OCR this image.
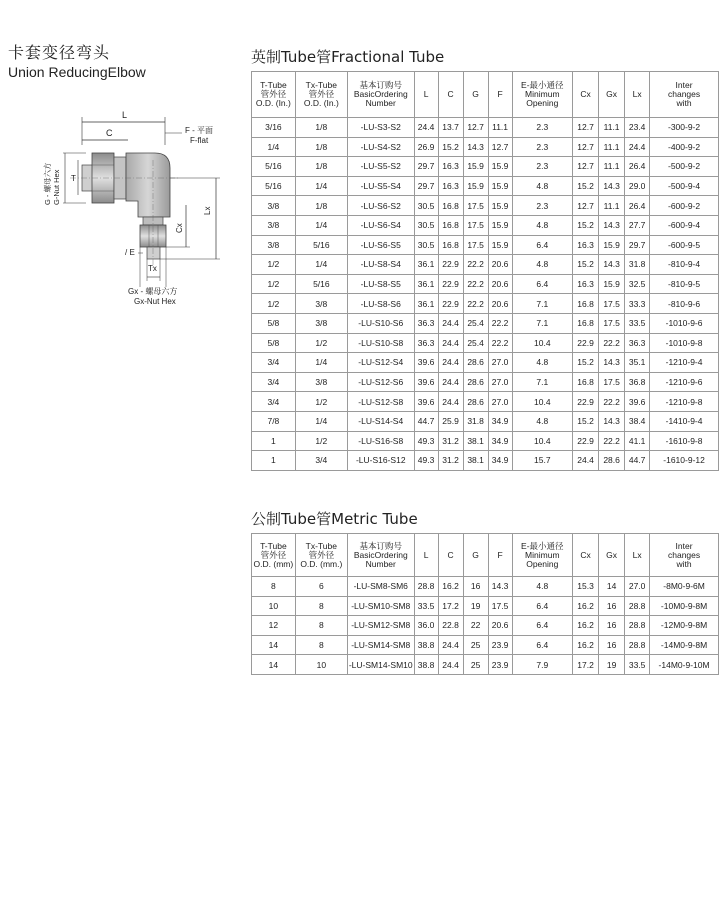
卡套变径弯头
Union ReducingElbow
L
C	F - 平面
F-flat
G - 螺母六方 G-Nut Hex T
Lx
Cx
/ E
Tx
Gx - 螺母六方
Gx-Nut Hex
英制Tube管Fractional Tube
T-Tube
管外径
O.D. (In.)	Tx-Tube
管外径
O.D. (In.)	基本订购号
BasicOrdering
Number	L	C	G	F	E-最小通径
Minimum
Opening	Cx	Gx	Lx	Inter
changes
with

3/16	1/8	-LU-S3-S2	24.4	13.7	12.7	11.1	2.3	12.7	11.1	23.4	-300-9-2
1/4	1/8	-LU-S4-S2	26.9	15.2	14.3	12.7	2.3	12.7	11.1	24.4	-400-9-2
5/16	1/8	-LU-S5-S2	29.7	16.3	15.9	15.9	2.3	12.7	11.1	26.4	-500-9-2
5/16	1/4	-LU-S5-S4	29.7	16.3	15.9	15.9	4.8	15.2	14.3	29.0	-500-9-4
3/8	1/8	-LU-S6-S2	30.5	16.8	17.5	15.9	2.3	12.7	11.1	26.4	-600-9-2
3/8	1/4	-LU-S6-S4	30.5	16.8	17.5	15.9	4.8	15.2	14.3	27.7	-600-9-4
3/8	5/16	-LU-S6-S5	30.5	16.8	17.5	15.9	6.4	16.3	15.9	29.7	-600-9-5
1/2	1/4	-LU-S8-S4	36.1	22.9	22.2	20.6	4.8	15.2	14.3	31.8	-810-9-4
1/2	5/16	-LU-S8-S5	36.1	22.9	22.2	20.6	6.4	16.3	15.9	32.5	-810-9-5
1/2	3/8	-LU-S8-S6	36.1	22.9	22.2	20.6	7.1	16.8	17.5	33.3	-810-9-6
5/8	3/8	-LU-S10-S6	36.3	24.4	25.4	22.2	7.1	16.8	17.5	33.5	-1010-9-6
5/8	1/2	-LU-S10-S8	36.3	24.4	25.4	22.2	10.4	22.9	22.2	36.3	-1010-9-8
3/4	1/4	-LU-S12-S4	39.6	24.4	28.6	27.0	4.8	15.2	14.3	35.1	-1210-9-4
3/4	3/8	-LU-S12-S6	39.6	24.4	28.6	27.0	7.1	16.8	17.5	36.8	-1210-9-6
3/4	1/2	-LU-S12-S8	39.6	24.4	28.6	27.0	10.4	22.9	22.2	39.6	-1210-9-8
7/8	1/4	-LU-S14-S4	44.7	25.9	31.8	34.9	4.8	15.2	14.3	38.4	-1410-9-4
1	1/2	-LU-S16-S8	49.3	31.2	38.1	34.9	10.4	22.9	22.2	41.1	-1610-9-8
1	3/4	-LU-S16-S12	49.3	31.2	38.1	34.9	15.7	24.4	28.6	44.7	-1610-9-12
公制Tube管Metric Tube
T-Tube
管外径
O.D. (mm)	Tx-Tube
管外径
O.D. (mm.)	基本订购号
BasicOrdering
Number	L	C	G	F	E-最小通径
Minimum
Opening	Cx	Gx	Lx	Inter
changes
with

8	6	-LU-SM8-SM6	28.8	16.2	16	14.3	4.8	15.3	14	27.0	-8M0-9-6M
10	8	-LU-SM10-SM8	33.5	17.2	19	17.5	6.4	16.2	16	28.8	-10M0-9-8M
12	8	-LU-SM12-SM8	36.0	22.8	22	20.6	6.4	16.2	16	28.8	-12M0-9-8M
14	8	-LU-SM14-SM8	38.8	24.4	25	23.9	6.4	16.2	16	28.8	-14M0-9-8M
14	10	-LU-SM14-SM10	38.8	24.4	25	23.9	7.9	17.2	19	33.5	-14M0-9-10M
